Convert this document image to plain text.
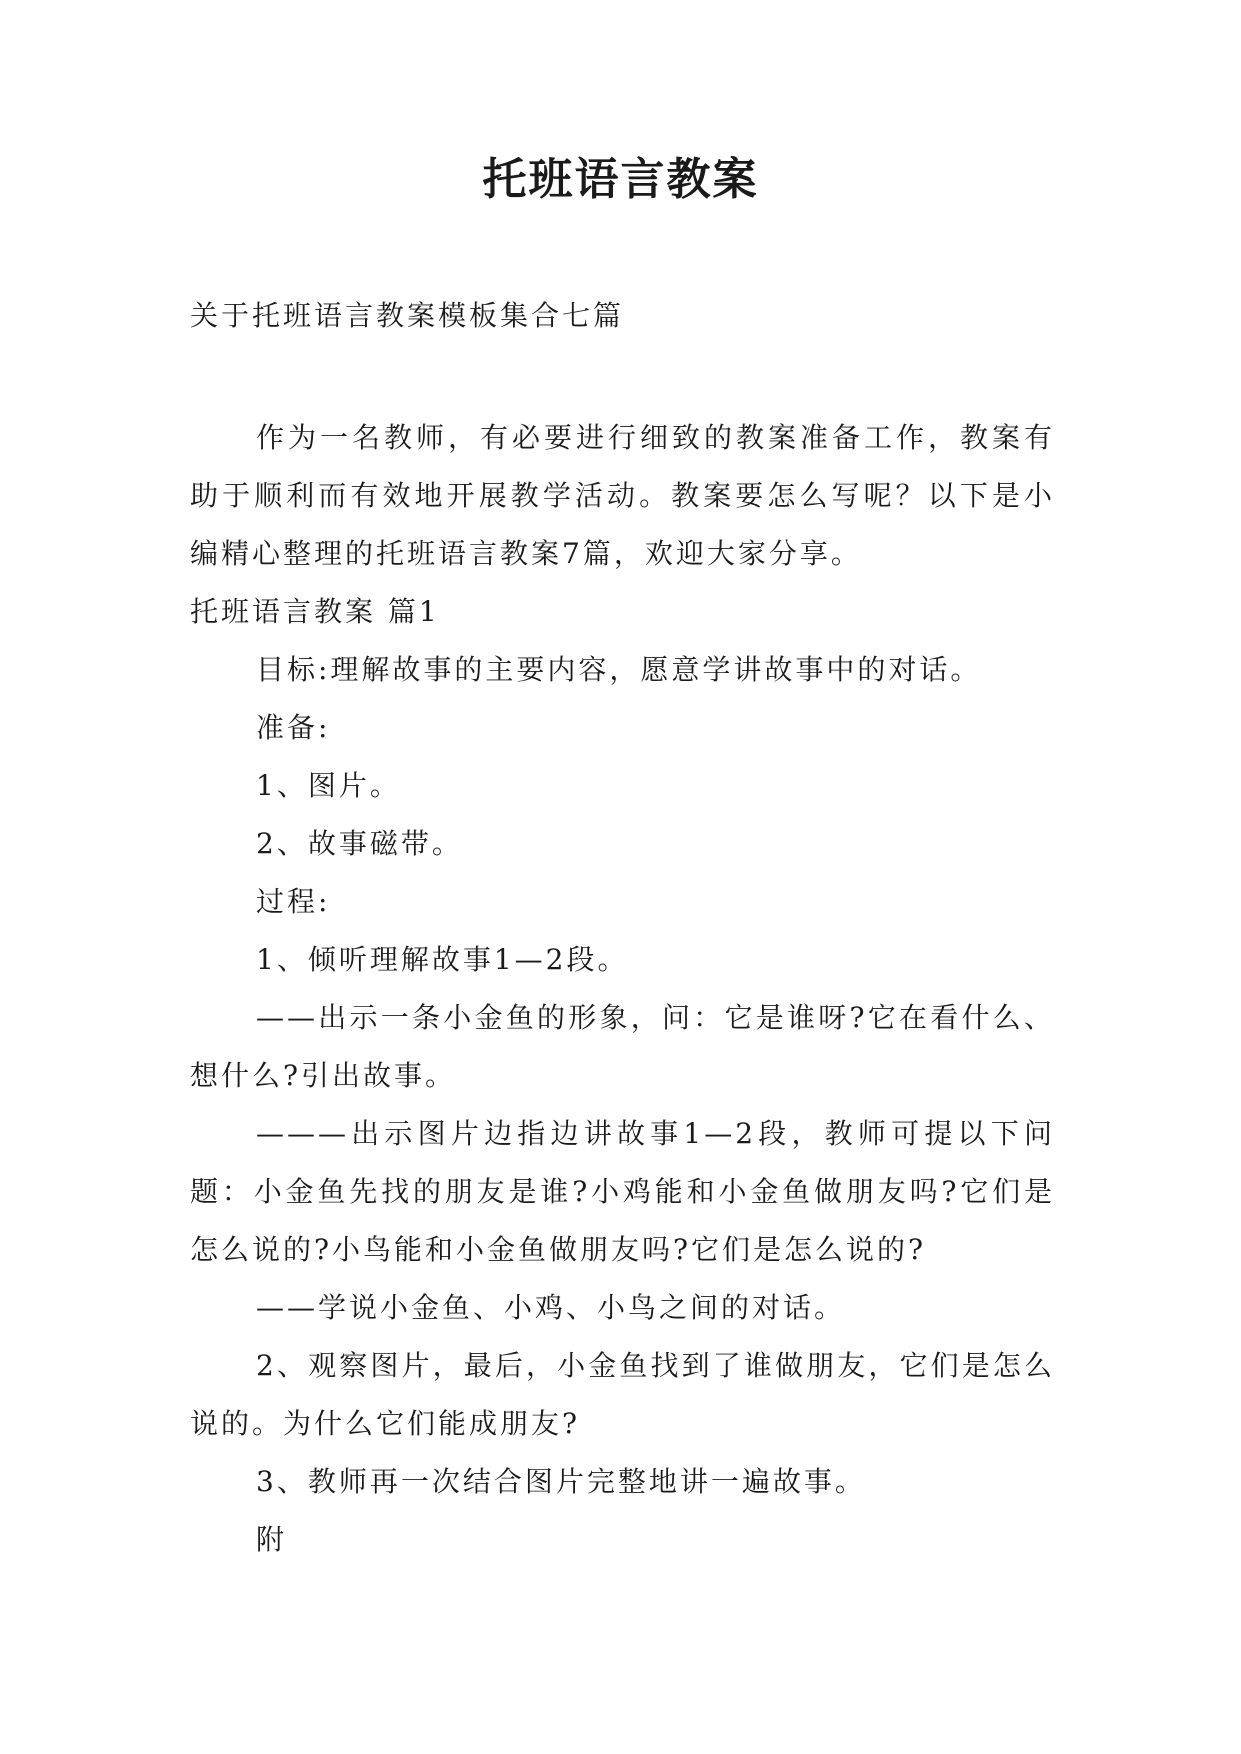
托班语言教案
关于托班语言教案模板集合七篇

作为一名教师，有必要进行细致的教案准备工作，教案有助于顺利而有效地开展教学活动。教案要怎么写呢？以下是小编精心整理的托班语言教案7篇，欢迎大家分享。

托班语言教案 篇1

目标:理解故事的主要内容，愿意学讲故事中的对话。

准备:

1、图片。

2、故事磁带。

过程:

1、倾听理解故事1—2段。

——出示一条小金鱼的形象，问：它是谁呀?它在看什么、想什么?引出故事。

———出示图片边指边讲故事1—2段，教师可提以下问题：小金鱼先找的朋友是谁?小鸡能和小金鱼做朋友吗?它们是怎么说的?小鸟能和小金鱼做朋友吗?它们是怎么说的?

——学说小金鱼、小鸡、小鸟之间的对话。

2、观察图片，最后，小金鱼找到了谁做朋友，它们是怎么说的。为什么它们能成朋友?

3、教师再一次结合图片完整地讲一遍故事。

附
